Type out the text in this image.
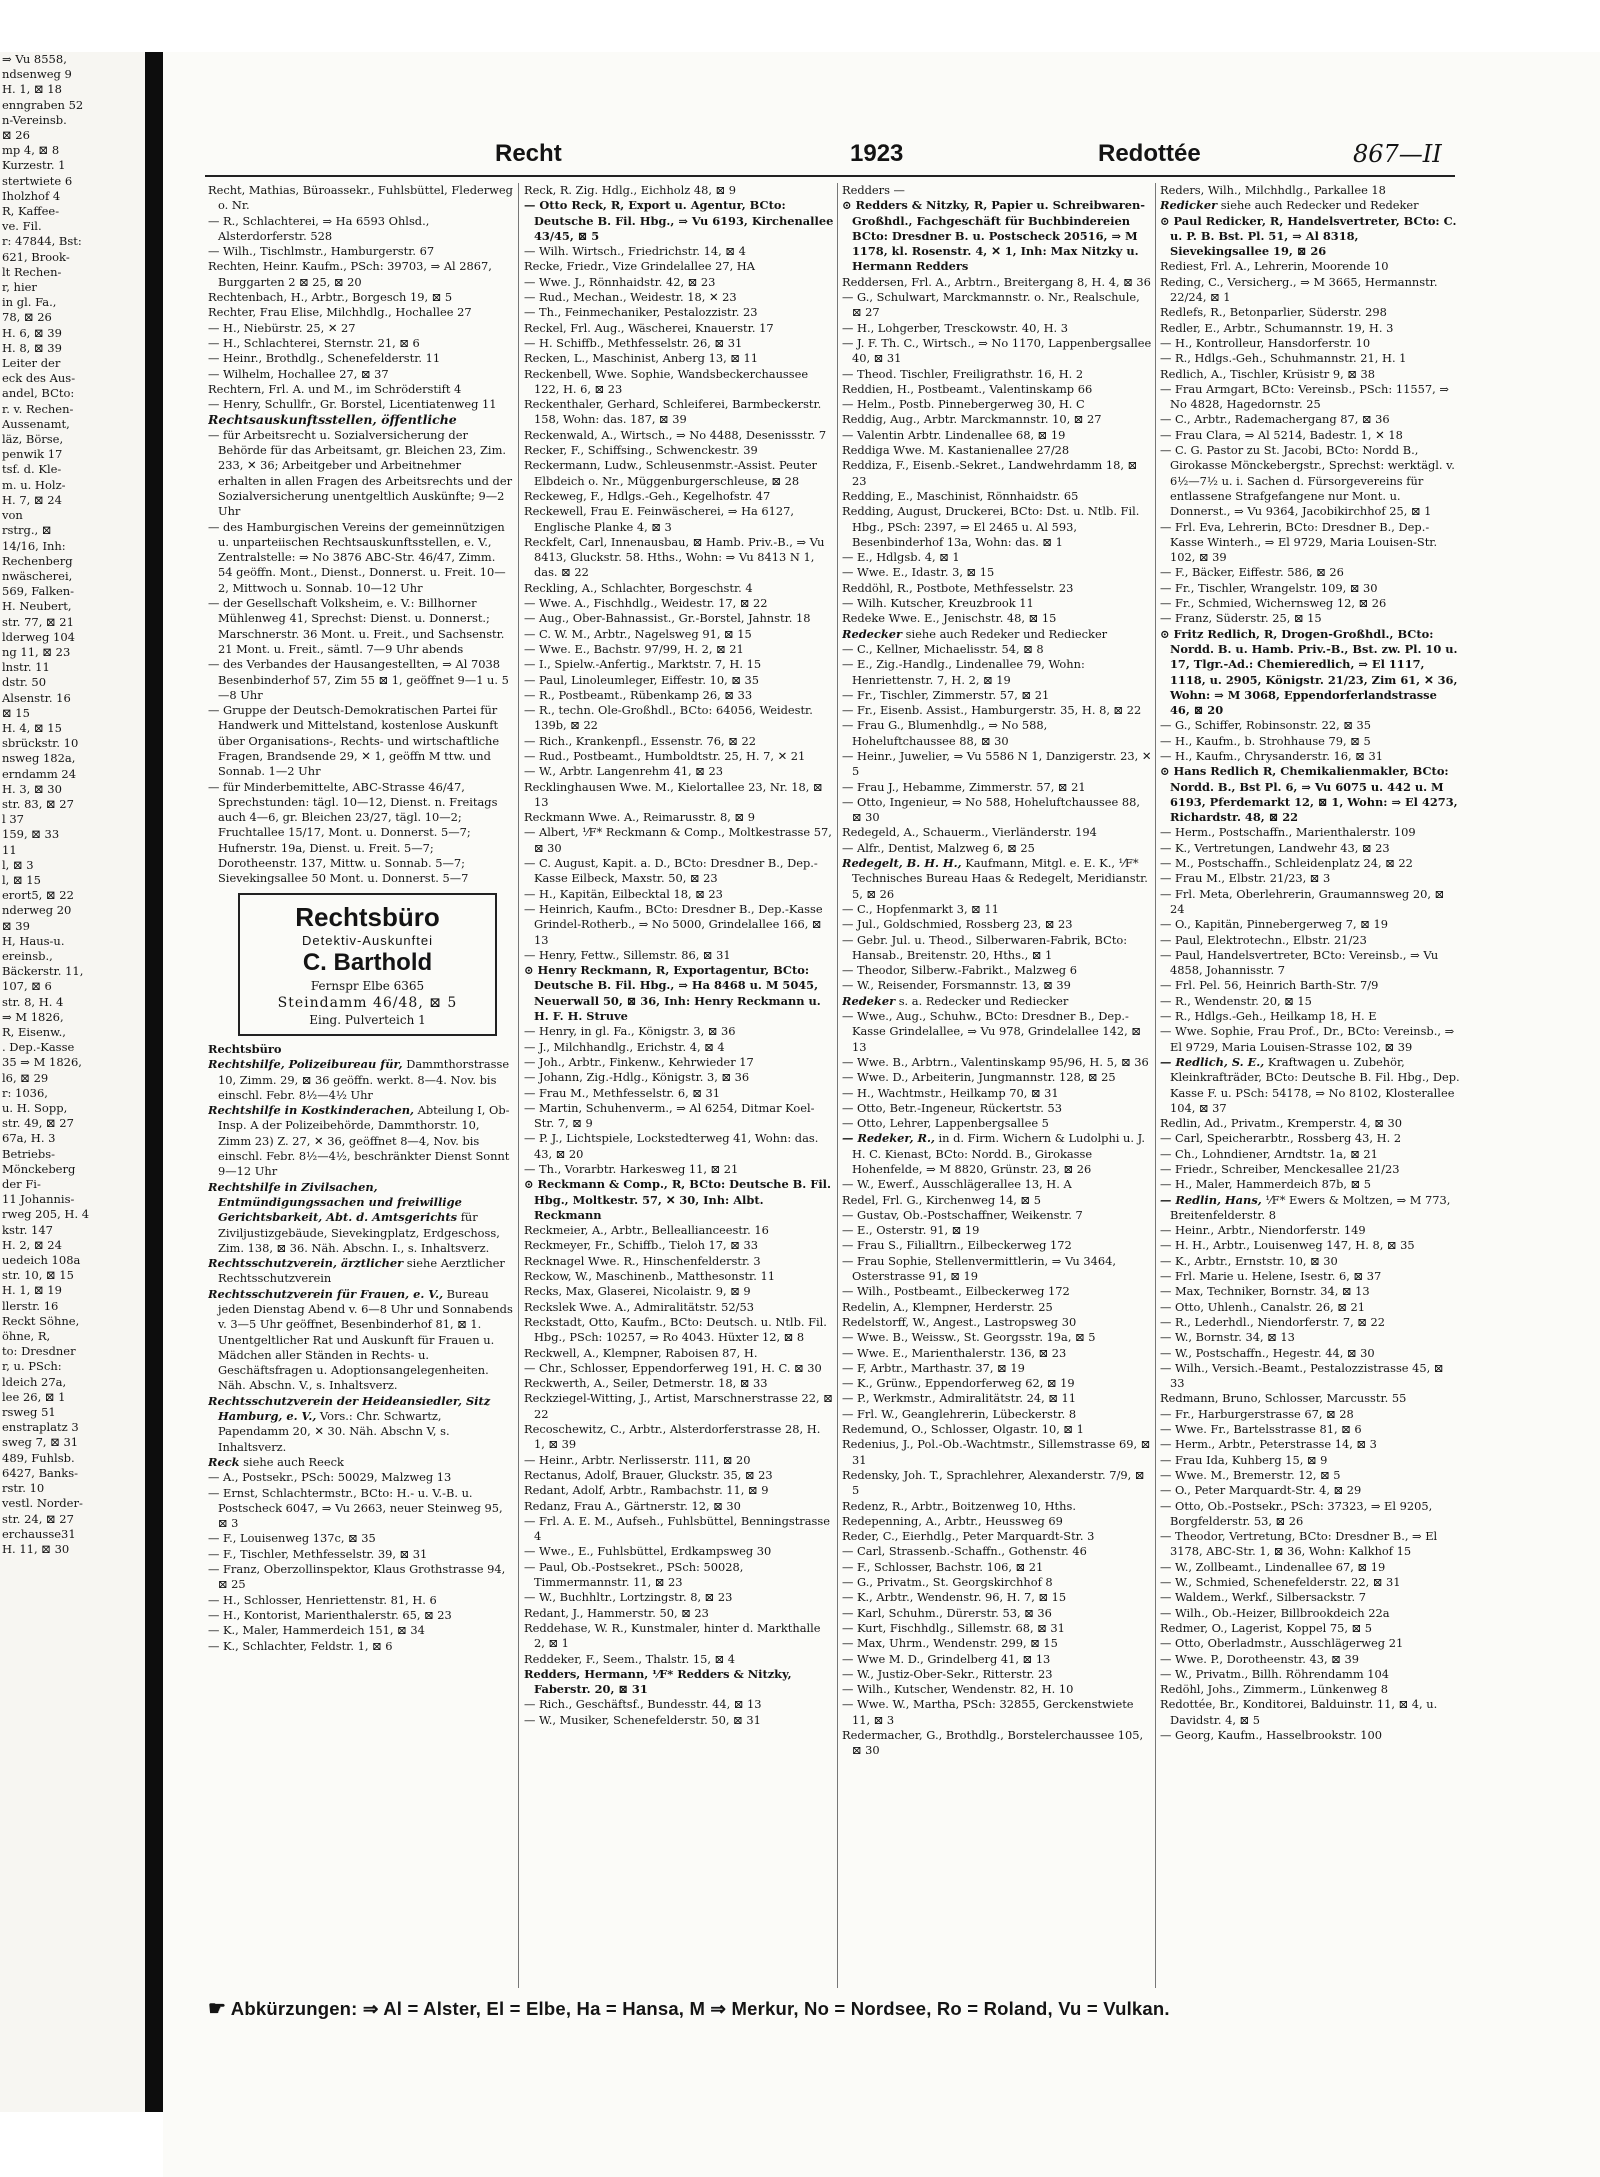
⇒ Vu 8558,
ndsenweg 9
H. 1, ⊠ 18
enngraben 52
n-Vereinsb.
⊠ 26
mp 4, ⊠ 8
Kurzestr. 1
stertwiete 6
Iholzhof 4
R, Kaffee-
ve. Fil.
r: 47844, Bst:
621, Brook-
lt Rechen-
r, hier
in gl. Fa.,
78, ⊠ 26
H. 6, ⊠ 39
H. 8, ⊠ 39
Leiter der
eck des Aus-
andel, BCto:
r. v. Rechen-
Aussenamt,
läz, Börse,
penwik 17
tsf. d. Kle-
m. u. Holz-
H. 7, ⊠ 24
von
rstrg., ⊠
14/16, Inh:
Rechenberg
nwäscherei,
569, Falken-
H. Neubert,
str. 77, ⊠ 21
lderweg 104
ng 11, ⊠ 23
lnstr. 11
dstr. 50
Alsenstr. 16
⊠ 15
H. 4, ⊠ 15
sbrückstr. 10
nsweg 182a,
erndamm 24
H. 3, ⊠ 30
str. 83, ⊠ 27
l 37
159, ⊠ 33
11
l, ⊠ 3
l, ⊠ 15
erort5, ⊠ 22
nderweg 20
⊠ 39
H, Haus-u.
ereinsb.,
Bäckerstr. 11,
107, ⊠ 6
str. 8, H. 4
⇒ M 1826,
R, Eisenw.,
. Dep.-Kasse
35 ⇒ M 1826,
l6, ⊠ 29
r: 1036,
u. H. Sopp,
str. 49, ⊠ 27
67a, H. 3
Betriebs-
Mönckeberg
der Fi-
11 Johannis-
rweg 205, H. 4
kstr. 147
H. 2, ⊠ 24
uedeich 108a
str. 10, ⊠ 15
H. 1, ⊠ 19
llerstr. 16
Reckt Söhne,
öhne, R,
to: Dresdner
r, u. PSch:
ldeich 27a,
lee 26, ⊠ 1
rsweg 51
enstraplatz 3
sweg 7, ⊠ 31
489, Fuhlsb.
6427, Banks-
rstr. 10
vestl. Norder-
str. 24, ⊠ 27
erchausse31
H. 11, ⊠ 30
Recht	1923	Redottée	867—II
Recht, Mathias, Büroassekr., Fuhlsbüttel, Flederweg o. Nr.
— R., Schlachterei, ⇒ Ha 6593 Ohlsd., Alsterdorferstr. 528
— Wilh., Tischlmstr., Hamburgerstr. 67
Rechten, Heinr. Kaufm., PSch: 39703, ⇒ Al 2867, Burggarten 2 ⊠ 25, ⊠ 20
Rechtenbach, H., Arbtr., Borgesch 19, ⊠ 5
Rechter, Frau Elise, Milchhdlg., Hochallee 27
— H., Niebürstr. 25, ✕ 27
— H., Schlachterei, Sternstr. 21, ⊠ 6
— Heinr., Brothdlg., Schenefelderstr. 11
— Wilhelm, Hochallee 27, ⊠ 37
Rechtern, Frl. A. und M., im Schröderstift 4
— Henry, Schullfr., Gr. Borstel, Licentiatenweg 11
Rechtsauskunftsstellen, öffentliche
— für Arbeitsrecht u. Sozialversicherung der Behörde für das Arbeitsamt, gr. Bleichen 23, Zim. 233, ✕ 36; Arbeitgeber und Arbeitnehmer erhalten in allen Fragen des Arbeitsrechts und der Sozialversicherung unentgeltlich Auskünfte; 9—2 Uhr
— des Hamburgischen Vereins der gemeinnützigen u. unparteiischen Rechtsauskunftsstellen, e. V., Zentralstelle: ⇒ No 3876 ABC-Str. 46/47, Zimm. 54 geöffn. Mont., Dienst., Donnerst. u. Freit. 10—2, Mittwoch u. Sonnab. 10—12 Uhr
— der Gesellschaft Volksheim, e. V.: Billhorner Mühlenweg 41, Sprechst: Dienst. u. Donnerst.; Marschnerstr. 36 Mont. u. Freit., und Sachsenstr. 21 Mont. u. Freit., sämtl. 7—9 Uhr abends
— des Verbandes der Hausangestellten, ⇒ Al 7038 Besenbinderhof 57, Zim 55 ⊠ 1, geöffnet 9—1 u. 5—8 Uhr
— Gruppe der Deutsch-Demokratischen Partei für Handwerk und Mittelstand, kostenlose Auskunft über Organisations-, Rechts- und wirtschaftliche Fragen, Brandsende 29, ✕ 1, geöffn M ttw. und Sonnab. 1—2 Uhr
— für Minderbemittelte, ABC-Strasse 46/47, Sprechstunden: tägl. 10—12, Dienst. n. Freitags auch 4—6, gr. Bleichen 23/27, tägl. 10—2; Fruchtallee 15/17, Mont. u. Donnerst. 5—7; Hufnerstr. 19a, Dienst. u. Freit. 5—7; Dorotheenstr. 137, Mittw. u. Sonnab. 5—7; Sievekingsallee 50 Mont. u. Donnerst. 5—7
Rechtsbüro
Detektiv-Auskunftei
C. Barthold
Fernspr Elbe 6365
Steindamm 46/48, ⊠ 5
Eing. Pulverteich 1
Rechtsbüro
Rechtshilfe, Polizeibureau für, Dammthorstrasse 10, Zimm. 29, ⊠ 36 geöffn. werkt. 8—4. Nov. bis einschl. Febr. 8½—4½ Uhr
Rechtshilfe in Kostkinderachen, Abteilung I, Ob-Insp. A der Polizeibehörde, Dammthorstr. 10, Zimm 23) Z. 27, ✕ 36, geöffnet 8—4, Nov. bis einschl. Febr. 8½—4½, beschränkter Dienst Sonnt 9—12 Uhr
Rechtshilfe in Zivilsachen, Entmündigungssachen und freiwillige Gerichtsbarkeit, Abt. d. Amtsgerichts für Ziviljustizgebäude, Sievekingplatz, Erdgeschoss, Zim. 138, ⊠ 36. Näh. Abschn. I., s. Inhaltsverz.
Rechtsschutzverein, ärztlicher siehe Aerztlicher Rechtsschutzverein
Rechtsschutzverein für Frauen, e. V., Bureau jeden Dienstag Abend v. 6—8 Uhr und Sonnabends v. 3—5 Uhr geöffnet, Besenbinderhof 81, ⊠ 1. Unentgeltlicher Rat und Auskunft für Frauen u. Mädchen aller Ständen in Rechts- u. Geschäftsfragen u. Adoptionsangelegenheiten. Näh. Abschn. V., s. Inhaltsverz.
Rechtsschutzverein der Heideansiedler, Sitz Hamburg, e. V., Vors.: Chr. Schwartz, Papendamm 20, ✕ 30. Näh. Abschn V, s. Inhaltsverz.
Reck siehe auch Reeck
— A., Postsekr., PSch: 50029, Malzweg 13
— Ernst, Schlachtermstr., BCto: H.- u. V.-B. u. Postscheck 6047, ⇒ Vu 2663, neuer Steinweg 95, ⊠ 3
— F., Louisenweg 137c, ⊠ 35
— F., Tischler, Methfesselstr. 39, ⊠ 31
— Franz, Oberzollinspektor, Klaus Grothstrasse 94, ⊠ 25
— H., Schlosser, Henriettenstr. 81, H. 6
— H., Kontorist, Marienthalerstr. 65, ⊠ 23
— K., Maler, Hammerdeich 151, ⊠ 34
— K., Schlachter, Feldstr. 1, ⊠ 6
Reck, R. Zig. Hdlg., Eichholz 48, ⊠ 9
— Otto Reck, R, Export u. Agentur, BCto: Deutsche B. Fil. Hbg., ⇒ Vu 6193, Kirchenallee 43/45, ⊠ 5
— Wilh. Wirtsch., Friedrichstr. 14, ⊠ 4
Recke, Friedr., Vize Grindelallee 27, HA
— Wwe. J., Rönnhaidstr. 42, ⊠ 23
— Rud., Mechan., Weidestr. 18, ✕ 23
— Th., Feinmechaniker, Pestalozzistr. 23
Reckel, Frl. Aug., Wäscherei, Knauerstr. 17
— H. Schiffb., Methfesselstr. 26, ⊠ 31
Recken, L., Maschinist, Anberg 13, ⊠ 11
Reckenbell, Wwe. Sophie, Wandsbeckerchaussee 122, H. 6, ⊠ 23
Reckenthaler, Gerhard, Schleiferei, Barmbeckerstr. 158, Wohn: das. 187, ⊠ 39
Reckenwald, A., Wirtsch., ⇒ No 4488, Desenissstr. 7
Recker, F., Schiffsing., Schwenckestr. 39
Reckermann, Ludw., Schleusenmstr.-Assist. Peuter Elbdeich o. Nr., Müggenburgerschleuse, ⊠ 28
Reckeweg, F., Hdlgs.-Geh., Kegelhofstr. 47
Reckewell, Frau E. Feinwäscherei, ⇒ Ha 6127, Englische Planke 4, ⊠ 3
Reckfelt, Carl, Innenausbau, ⊠ Hamb. Priv.-B., ⇒ Vu 8413, Gluckstr. 58. Hths., Wohn: ⇒ Vu 8413 N 1, das. ⊠ 22
Reckling, A., Schlachter, Borgeschstr. 4
— Wwe. A., Fischhdlg., Weidestr. 17, ⊠ 22
— Aug., Ober-Bahnassist., Gr.-Borstel, Jahnstr. 18
— C. W. M., Arbtr., Nagelsweg 91, ⊠ 15
— Wwe. E., Bachstr. 97/99, H. 2, ⊠ 21
— I., Spielw.-Anfertig., Marktstr. 7, H. 15
— Paul, Linoleumleger, Eiffestr. 10, ⊠ 35
— R., Postbeamt., Rübenkamp 26, ⊠ 33
— R., techn. Ole-Großhdl., BCto: 64056, Weidestr. 139b, ⊠ 22
— Rich., Krankenpfl., Essenstr. 76, ⊠ 22
— Rud., Postbeamt., Humboldtstr. 25, H. 7, ✕ 21
— W., Arbtr. Langenrehm 41, ⊠ 23
Recklinghausen Wwe. M., Kielortallee 23, Nr. 18, ⊠ 13
Reckmann Wwe. A., Reimarusstr. 8, ⊠ 9
— Albert, ⅟F* Reckmann & Comp., Moltkestrasse 57, ⊠ 30
— C. August, Kapit. a. D., BCto: Dresdner B., Dep.-Kasse Eilbeck, Maxstr. 50, ⊠ 23
— H., Kapitän, Eilbecktal 18, ⊠ 23
— Heinrich, Kaufm., BCto: Dresdner B., Dep.-Kasse Grindel-Rotherb., ⇒ No 5000, Grindelallee 166, ⊠ 13
— Henry, Fettw., Sillemstr. 86, ⊠ 31
⊙ Henry Reckmann, R, Exportagentur, BCto: Deutsche B. Fil. Hbg., ⇒ Ha 8468 u. M 5045, Neuerwall 50, ⊠ 36, Inh: Henry Reckmann u. H. F. H. Struve
— Henry, in gl. Fa., Königstr. 3, ⊠ 36
— J., Milchhandlg., Erichstr. 4, ⊠ 4
— Joh., Arbtr., Finkenw., Kehrwieder 17
— Johann, Zig.-Hdlg., Königstr. 3, ⊠ 36
— Frau M., Methfesselstr. 6, ⊠ 31
— Martin, Schuhenverm., ⇒ Al 6254, Ditmar Koel-Str. 7, ⊠ 9
— P. J., Lichtspiele, Lockstedterweg 41, Wohn: das. 43, ⊠ 20
— Th., Vorarbtr. Harkesweg 11, ⊠ 21
⊙ Reckmann & Comp., R, BCto: Deutsche B. Fil. Hbg., Moltkestr. 57, ✕ 30, Inh: Albt. Reckmann
Reckmeier, A., Arbtr., Belleallianceestr. 16
Reckmeyer, Fr., Schiffb., Tieloh 17, ⊠ 33
Recknagel Wwe. R., Hinschenfelderstr. 3
Reckow, W., Maschinenb., Matthesonstr. 11
Recks, Max, Glaserei, Nicolaistr. 9, ⊠ 9
Reckslek Wwe. A., Admiralitätstr. 52/53
Reckstadt, Otto, Kaufm., BCto: Deutsch. u. Ntlb. Fil. Hbg., PSch: 10257, ⇒ Ro 4043. Hüxter 12, ⊠ 8
Reckwell, A., Klempner, Raboisen 87, H.
— Chr., Schlosser, Eppendorferweg 191, H. C. ⊠ 30
Reckwerth, A., Seiler, Detmerstr. 18, ⊠ 33
Reckziegel-Witting, J., Artist, Marschnerstrasse 22, ⊠ 22
Recoschewitz, C., Arbtr., Alsterdorferstrasse 28, H. 1, ⊠ 39
— Heinr., Arbtr. Nerlisserstr. 111, ⊠ 20
Rectanus, Adolf, Brauer, Gluckstr. 35, ⊠ 23
Redant, Adolf, Arbtr., Rambachstr. 11, ⊠ 9
Redanz, Frau A., Gärtnerstr. 12, ⊠ 30
— Frl. A. E. M., Aufseh., Fuhlsbüttel, Benningstrasse 4
— Wwe., E., Fuhlsbüttel, Erdkampsweg 30
— Paul, Ob.-Postsekret., PSch: 50028, Timmermannstr. 11, ⊠ 23
— W., Buchhltr., Lortzingstr. 8, ⊠ 23
Redant, J., Hammerstr. 50, ⊠ 23
Reddehase, W. R., Kunstmaler, hinter d. Markthalle 2, ⊠ 1
Reddeker, F., Seem., Thalstr. 15, ⊠ 4
Redders, Hermann, ⅟F* Redders & Nitzky, Faberstr. 20, ⊠ 31
— Rich., Geschäftsf., Bundesstr. 44, ⊠ 13
— W., Musiker, Schenefelderstr. 50, ⊠ 31
Redders —
⊙ Redders & Nitzky, R, Papier u. Schreibwaren-Großhdl., Fachgeschäft für Buchbindereien BCto: Dresdner B. u. Postscheck 20516, ⇒ M 1178, kl. Rosenstr. 4, ✕ 1, Inh: Max Nitzky u. Hermann Redders
Reddersen, Frl. A., Arbtrn., Breitergang 8, H. 4, ⊠ 36
— G., Schulwart, Marckmannstr. o. Nr., Realschule, ⊠ 27
— H., Lohgerber, Tresckowstr. 40, H. 3
— J. F. Th. C., Wirtsch., ⇒ No 1170, Lappenbergsallee 40, ⊠ 31
— Theod. Tischler, Freiligrathstr. 16, H. 2
Reddien, H., Postbeamt., Valentinskamp 66
— Helm., Postb. Pinnebergerweg 30, H. C
Reddig, Aug., Arbtr. Marckmannstr. 10, ⊠ 27
— Valentin Arbtr. Lindenallee 68, ⊠ 19
Reddiga Wwe. M. Kastanienallee 27/28
Reddiza, F., Eisenb.-Sekret., Landwehrdamm 18, ⊠ 23
Redding, E., Maschinist, Rönnhaidstr. 65
Redding, August, Druckerei, BCto: Dst. u. Ntlb. Fil. Hbg., PSch: 2397, ⇒ El 2465 u. Al 593, Besenbinderhof 13a, Wohn: das. ⊠ 1
— E., Hdlgsb. 4, ⊠ 1
— Wwe. E., Idastr. 3, ⊠ 15
Reddöhl, R., Postbote, Methfesselstr. 23
— Wilh. Kutscher, Kreuzbrook 11
Redeke Wwe. E., Jenischstr. 48, ⊠ 15
Redecker siehe auch Redeker und Rediecker
— C., Kellner, Michaelisstr. 54, ⊠ 8
— E., Zig.-Handlg., Lindenallee 79, Wohn: Henriettenstr. 7, H. 2, ⊠ 19
— Fr., Tischler, Zimmerstr. 57, ⊠ 21
— Fr., Eisenb. Assist., Hamburgerstr. 35, H. 8, ⊠ 22
— Frau G., Blumenhdlg., ⇒ No 588, Hoheluftchaussee 88, ⊠ 30
— Heinr., Juwelier, ⇒ Vu 5586 N 1, Danzigerstr. 23, ✕ 5
— Frau J., Hebamme, Zimmerstr. 57, ⊠ 21
— Otto, Ingenieur, ⇒ No 588, Hoheluftchaussee 88, ⊠ 30
Redegeld, A., Schauerm., Vierländerstr. 194
— Alfr., Dentist, Malzweg 6, ⊠ 25
Redegelt, B. H. H., Kaufmann, Mitgl. e. E. K., ⅟F* Technisches Bureau Haas & Redegelt, Meridianstr. 5, ⊠ 26
— C., Hopfenmarkt 3, ⊠ 11
— Jul., Goldschmied, Rossberg 23, ⊠ 23
— Gebr. Jul. u. Theod., Silberwaren-Fabrik, BCto: Hansab., Breitenstr. 20, Hths., ⊠ 1
— Theodor, Silberw.-Fabrikt., Malzweg 6
— W., Reisender, Forsmannstr. 13, ⊠ 39
Redeker s. a. Redecker und Rediecker
— Wwe., Aug., Schuhw., BCto: Dresdner B., Dep.-Kasse Grindelallee, ⇒ Vu 978, Grindelallee 142, ⊠ 13
— Wwe. B., Arbtrn., Valentinskamp 95/96, H. 5, ⊠ 36
— Wwe. D., Arbeiterin, Jungmannstr. 128, ⊠ 25
— H., Wachtmstr., Heilkamp 70, ⊠ 31
— Otto, Betr.-Ingeneur, Rückertstr. 53
— Otto, Lehrer, Lappenbergsallee 5
— Redeker, R., in d. Firm. Wichern & Ludolphi u. J. H. C. Kienast, BCto: Nordd. B., Girokasse Hohenfelde, ⇒ M 8820, Grünstr. 23, ⊠ 26
— W., Ewerf., Ausschlägerallee 13, H. A
Redel, Frl. G., Kirchenweg 14, ⊠ 5
— Gustav, Ob.-Postschaffner, Weikenstr. 7
— E., Osterstr. 91, ⊠ 19
— Frau S., Filialltrn., Eilbeckerweg 172
— Frau Sophie, Stellenvermittlerin, ⇒ Vu 3464, Osterstrasse 91, ⊠ 19
— Wilh., Postbeamt., Eilbeckerweg 172
Redelin, A., Klempner, Herderstr. 25
Redelstorff, W., Angest., Lastropsweg 30
— Wwe. B., Weissw., St. Georgsstr. 19a, ⊠ 5
— Wwe. E., Marienthalerstr. 136, ⊠ 23
— F, Arbtr., Marthastr. 37, ⊠ 19
— K., Grünw., Eppendorferweg 62, ⊠ 19
— P., Werkmstr., Admiralitätstr. 24, ⊠ 11
— Frl. W., Geanglehrerin, Lübeckerstr. 8
Redemund, O., Schlosser, Olgastr. 10, ⊠ 1
Redenius, J., Pol.-Ob.-Wachtmstr., Sillemstrasse 69, ⊠ 31
Redensky, Joh. T., Sprachlehrer, Alexanderstr. 7/9, ⊠ 5
Redenz, R., Arbtr., Boitzenweg 10, Hths.
Redepenning, A., Arbtr., Heussweg 69
Reder, C., Eierhdlg., Peter Marquardt-Str. 3
— Carl, Strassenb.-Schaffn., Gothenstr. 46
— F., Schlosser, Bachstr. 106, ⊠ 21
— G., Privatm., St. Georgskirchhof 8
— K., Arbtr., Wendenstr. 96, H. 7, ⊠ 15
— Karl, Schuhm., Dürerstr. 53, ⊠ 36
— Kurt, Fischhdlg., Sillemstr. 68, ⊠ 31
— Max, Uhrm., Wendenstr. 299, ⊠ 15
— Wwe M. D., Grindelberg 41, ⊠ 13
— W., Justiz-Ober-Sekr., Ritterstr. 23
— Wilh., Kutscher, Wendenstr. 82, H. 10
— Wwe. W., Martha, PSch: 32855, Gerckenstwiete 11, ⊠ 3
Redermacher, G., Brothdlg., Borstelerchaussee 105, ⊠ 30
Reders, Wilh., Milchhdlg., Parkallee 18
Redicker siehe auch Redecker und Redeker
⊙ Paul Redicker, R, Handelsvertreter, BCto: C. u. P. B. Bst. Pl. 51, ⇒ Al 8318, Sievekingsallee 19, ⊠ 26
Rediest, Frl. A., Lehrerin, Moorende 10
Reding, C., Versicherg., ⇒ M 3665, Hermannstr. 22/24, ⊠ 1
Redlefs, R., Betonparlier, Süderstr. 298
Redler, E., Arbtr., Schumannstr. 19, H. 3
— H., Kontrolleur, Hansdorferstr. 10
— R., Hdlgs.-Geh., Schuhmannstr. 21, H. 1
Redlich, A., Tischler, Krüsistr 9, ⊠ 38
— Frau Armgart, BCto: Vereinsb., PSch: 11557, ⇒ No 4828, Hagedornstr. 25
— C., Arbtr., Rademachergang 87, ⊠ 36
— Frau Clara, ⇒ Al 5214, Badestr. 1, ✕ 18
— C. G. Pastor zu St. Jacobi, BCto: Nordd B., Girokasse Mönckebergstr., Sprechst: werktägl. v. 6½—7½ u. i. Sachen d. Fürsorgevereins für entlassene Strafgefangene nur Mont. u. Donnerst., ⇒ Vu 9364, Jacobikirchhof 25, ⊠ 1
— Frl. Eva, Lehrerin, BCto: Dresdner B., Dep.-Kasse Winterh., ⇒ El 9729, Maria Louisen-Str. 102, ⊠ 39
— F., Bäcker, Eiffestr. 586, ⊠ 26
— Fr., Tischler, Wrangelstr. 109, ⊠ 30
— Fr., Schmied, Wichernsweg 12, ⊠ 26
— Franz, Süderstr. 25, ⊠ 15
⊙ Fritz Redlich, R, Drogen-Großhdl., BCto: Nordd. B. u. Hamb. Priv.-B., Bst. zw. Pl. 10 u. 17, Tlgr.-Ad.: Chemieredlich, ⇒ El 1117, 1118, u. 2905, Königstr. 21/23, Zim 61, ✕ 36, Wohn: ⇒ M 3068, Eppendorferlandstrasse 46, ⊠ 20
— G., Schiffer, Robinsonstr. 22, ⊠ 35
— H., Kaufm., b. Strohhause 79, ⊠ 5
— H., Kaufm., Chrysanderstr. 16, ⊠ 31
⊙ Hans Redlich R, Chemikalienmakler, BCto: Nordd. B., Bst Pl. 6, ⇒ Vu 6075 u. 442 u. M 6193, Pferdemarkt 12, ⊠ 1, Wohn: ⇒ El 4273, Richardstr. 48, ⊠ 22
— Herm., Postschaffn., Marienthalerstr. 109
— K., Vertretungen, Landwehr 43, ⊠ 23
— M., Postschaffn., Schleidenplatz 24, ⊠ 22
— Frau M., Elbstr. 21/23, ⊠ 3
— Frl. Meta, Oberlehrerin, Graumannsweg 20, ⊠ 24
— O., Kapitän, Pinnebergerweg 7, ⊠ 19
— Paul, Elektrotechn., Elbstr. 21/23
— Paul, Handelsvertreter, BCto: Vereinsb., ⇒ Vu 4858, Johannisstr. 7
— Frl. Pel. 56, Heinrich Barth-Str. 7/9
— R., Wendenstr. 20, ⊠ 15
— R., Hdlgs.-Geh., Heilkamp 18, H. E
— Wwe. Sophie, Frau Prof., Dr., BCto: Vereinsb., ⇒ El 9729, Maria Louisen-Strasse 102, ⊠ 39
— Redlich, S. E., Kraftwagen u. Zubehör, Kleinkrafträder, BCto: Deutsche B. Fil. Hbg., Dep. Kasse F. u. PSch: 54178, ⇒ No 8102, Klosterallee 104, ⊠ 37
Redlin, Ad., Privatm., Kremperstr. 4, ⊠ 30
— Carl, Speicherarbtr., Rossberg 43, H. 2
— Ch., Lohndiener, Arndtstr. 1a, ⊠ 21
— Friedr., Schreiber, Menckesallee 21/23
— H., Maler, Hammerdeich 87b, ⊠ 5
— Redlin, Hans, ⅟F* Ewers & Moltzen, ⇒ M 773, Breitenfelderstr. 8
— Heinr., Arbtr., Niendorferstr. 149
— H. H., Arbtr., Louisenweg 147, H. 8, ⊠ 35
— K., Arbtr., Ernststr. 10, ⊠ 30
— Frl. Marie u. Helene, Isestr. 6, ⊠ 37
— Max, Techniker, Bornstr. 34, ⊠ 13
— Otto, Uhlenh., Canalstr. 26, ⊠ 21
— R., Lederhdl., Niendorferstr. 7, ⊠ 22
— W., Bornstr. 34, ⊠ 13
— W., Postschaffn., Hegestr. 44, ⊠ 30
— Wilh., Versich.-Beamt., Pestalozzistrasse 45, ⊠ 33
Redmann, Bruno, Schlosser, Marcusstr. 55
— Fr., Harburgerstrasse 67, ⊠ 28
— Wwe. Fr., Bartelsstrasse 81, ⊠ 6
— Herm., Arbtr., Peterstrasse 14, ⊠ 3
— Frau Ida, Kuhberg 15, ⊠ 9
— Wwe. M., Bremerstr. 12, ⊠ 5
— O., Peter Marquardt-Str. 4, ⊠ 29
— Otto, Ob.-Postsekr., PSch: 37323, ⇒ El 9205, Borgfelderstr. 53, ⊠ 26
— Theodor, Vertretung, BCto: Dresdner B., ⇒ El 3178, ABC-Str. 1, ⊠ 36, Wohn: Kalkhof 15
— W., Zollbeamt., Lindenallee 67, ⊠ 19
— W., Schmied, Schenefelderstr. 22, ⊠ 31
— Waldem., Werkf., Silbersackstr. 7
— Wilh., Ob.-Heizer, Billbrookdeich 22a
Redmer, O., Lagerist, Koppel 75, ⊠ 5
— Otto, Oberladmstr., Ausschlägerweg 21
— Wwe. P., Dorotheenstr. 43, ⊠ 39
— W., Privatm., Billh. Röhrendamm 104
Redöhl, Johs., Zimmerm., Lünkenweg 8
Redottée, Br., Konditorei, Balduinstr. 11, ⊠ 4, u. Davidstr. 4, ⊠ 5
— Georg, Kaufm., Hasselbrookstr. 100
☛ Abkürzungen: ⇒ Al = Alster, El = Elbe, Ha = Hansa, M ⇒ Merkur, No = Nordsee, Ro = Roland, Vu = Vulkan.
